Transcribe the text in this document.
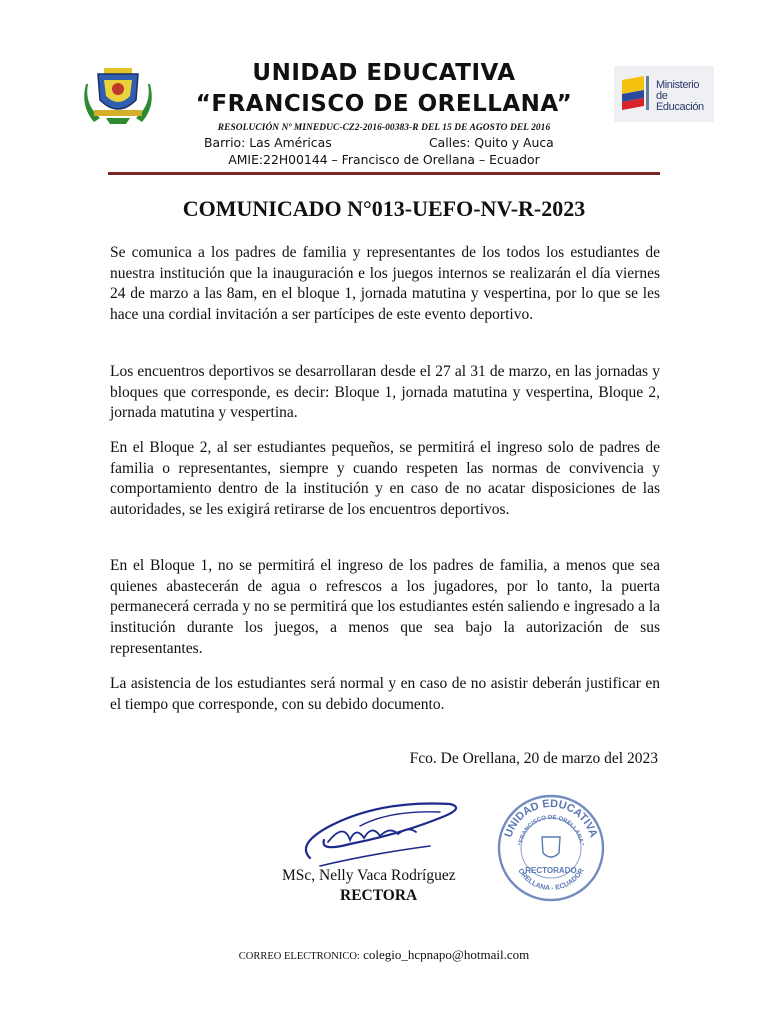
Ministerio
de Educación
UNIDAD EDUCATIVA
“FRANCISCO DE ORELLANA”
RESOLUCIÓN Nº MINEDUC-CZ2-2016-00383-R DEL 15 DE AGOSTO DEL 2016
Barrio: Las Américas	Calles: Quito y Auca
AMIE:22H00144 – Francisco de Orellana – Ecuador
COMUNICADO N°013-UEFO-NV-R-2023

Se comunica a los padres de familia y representantes de los todos los estudiantes de nuestra institución que la inauguración e los juegos internos se realizarán el día viernes 24 de marzo a las 8am, en el bloque 1, jornada matutina y vespertina, por lo que se les hace una cordial invitación a ser partícipes de este evento deportivo.

Los encuentros deportivos se desarrollaran desde el 27 al 31 de marzo, en las jornadas y bloques que corresponde, es decir: Bloque 1, jornada matutina y vespertina, Bloque 2, jornada matutina y vespertina.

En el Bloque 2, al ser estudiantes pequeños, se permitirá el ingreso solo de padres de familia o representantes, siempre y cuando respeten las normas de convivencia y comportamiento dentro de la institución y en caso de no acatar disposiciones de las autoridades, se les exigirá retirarse de los encuentros deportivos.

En el Bloque 1, no se permitirá el ingreso de los padres de familia, a menos que sea quienes abastecerán de agua o refrescos a los jugadores, por lo tanto, la puerta permanecerá cerrada y no se permitirá que los estudiantes estén saliendo e ingresado a la institución durante los juegos, a menos que sea bajo la autorización de sus representantes.

La asistencia de los estudiantes será normal y en caso de no asistir deberán justificar en el tiempo que corresponde, con su debido documento.

Fco. De Orellana, 20 de marzo del 2023
UNIDAD EDUCATIVA
“FRANCISCO DE ORELLANA”
ORELLANA - ECUADOR
RECTORADO
MSc, Nelly Vaca Rodríguez
RECTORA
CORREO ELECTRONICO: colegio_hcpnapo@hotmail.com
